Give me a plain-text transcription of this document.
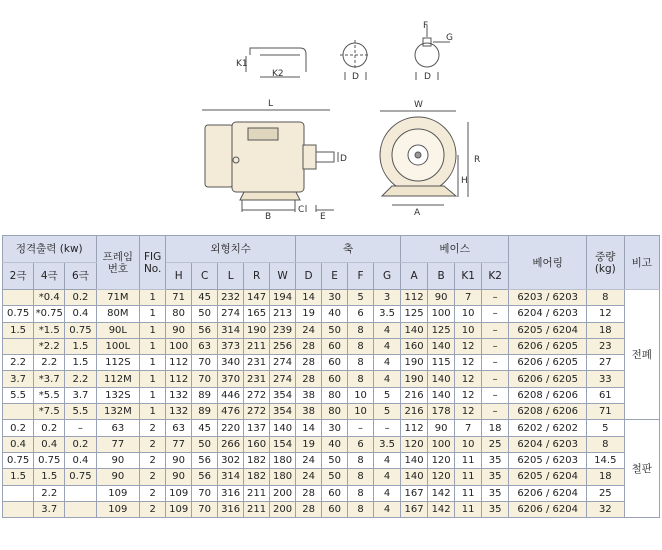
K1
K2	D
F
G
D
L
D
B
C
E
W
R
H
A
정격출력 (kw)			프레임 번호	FIG No.	외형치수					축				베이스				베어링	중량 (kg)	비고
2극	4극	6극			H	C	L	R	W	D	E	F	G	A	B	K1	K2			
	*0.4	0.2	71M	1	71	45	232	147	194	14	30	5	3	112	90	7	–	6203 / 6203	8	전폐
0.75	*0.75	0.4	80M	1	80	50	274	165	213	19	40	6	3.5	125	100	10	–	6204 / 6203	12	
1.5	*1.5	0.75	90L	1	90	56	314	190	239	24	50	8	4	140	125	10	–	6205 / 6204	18	
	*2.2	1.5	100L	1	100	63	373	211	256	28	60	8	4	160	140	12	–	6206 / 6205	23	
2.2	2.2	1.5	112S	1	112	70	340	231	274	28	60	8	4	190	115	12	–	6206 / 6205	27	
3.7	*3.7	2.2	112M	1	112	70	370	231	274	28	60	8	4	190	140	12	–	6206 / 6205	33	
5.5	*5.5	3.7	132S	1	132	89	446	272	354	38	80	10	5	216	140	12	–	6208 / 6206	61	
	*7.5	5.5	132M	1	132	89	476	272	354	38	80	10	5	216	178	12	–	6208 / 6206	71	
0.2	0.2	–	63	2	63	45	220	137	140	14	30	–	–	112	90	7	18	6202 / 6202	5	철판
0.4	0.4	0.2	77	2	77	50	266	160	154	19	40	6	3.5	120	100	10	25	6204 / 6203	8	
0.75	0.75	0.4	90	2	90	56	302	182	180	24	50	8	4	140	120	11	35	6205 / 6203	14.5	
1.5	1.5	0.75	90	2	90	56	314	182	180	24	50	8	4	140	120	11	35	6205 / 6204	18	
	2.2		109	2	109	70	316	211	200	28	60	8	4	167	142	11	35	6206 / 6204	25	
	3.7		109	2	109	70	316	211	200	28	60	8	4	167	142	11	35	6206 / 6204	32	
